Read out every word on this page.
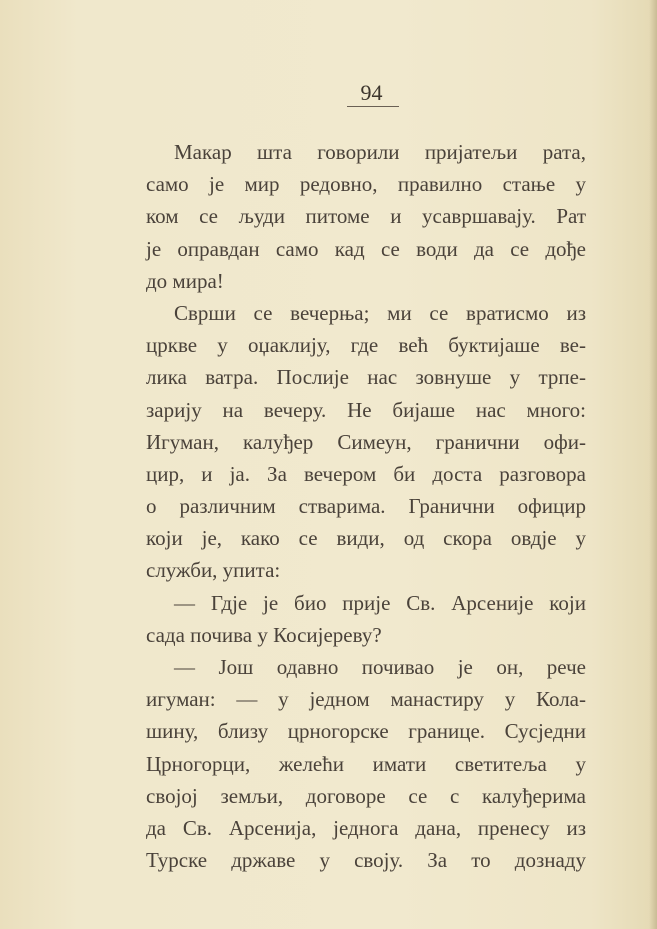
94
Макар шта говорили пријатељи рата,
само је мир редовно, правилно стање у
ком се људи питоме и усавршавају. Рат
је оправдан само кад се води да се дође
до мира!
Сврши се вечерња; ми се вратисмо из
цркве у оџаклију, где већ буктијаше ве-
лика ватра. Послије нас зовнуше у трпе-
зарију на вечеру. Не бијаше нас много:
Игуман, калуђер Симеун, гранични офи-
цир, и ја. За вечером би доста разговора
о различним стварима. Гранични официр
који је, како се види, од скора овдје у
служби, упита:
— Гдје је био прије Св. Арсеније који
сада почива у Косијереву?
— Још одавно почивао је он, рече
игуман: — у једном манастиру у Кола-
шину, близу црногорске границе. Сусједни
Црногорци, желећи имати светитеља у
својој земљи, договоре се с калуђерима
да Св. Арсенија, једнога дана, пренесу из
Турске државе у своју. За то дознаду
